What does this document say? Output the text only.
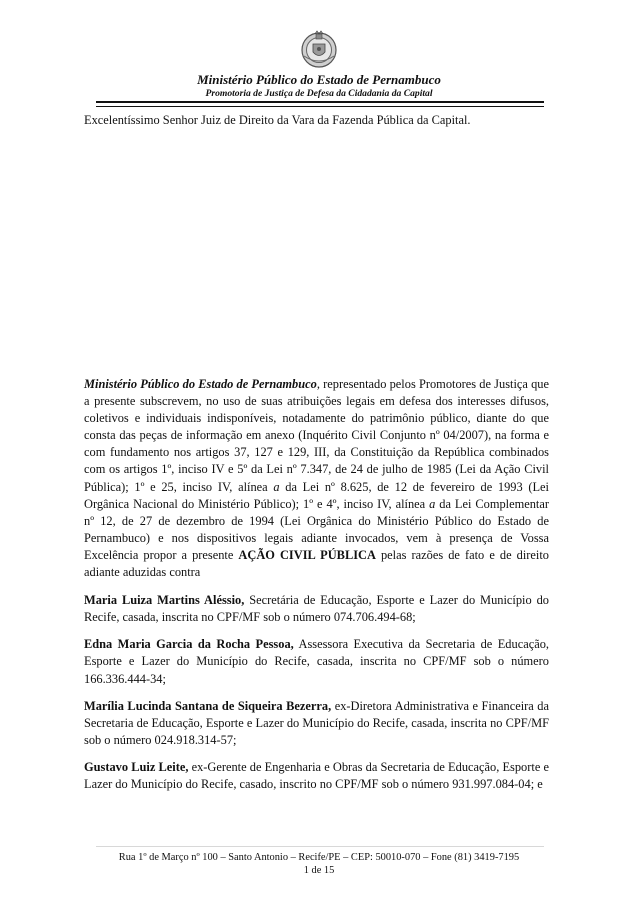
Ministério Público do Estado de Pernambuco
Promotoria de Justiça de Defesa da Cidadania da Capital
Excelentíssimo Senhor Juiz de Direito da Vara da Fazenda Pública da Capital.

Ministério Público do Estado de Pernambuco, representado pelos Promotores de Justiça que a presente subscrevem, no uso de suas atribuições legais em defesa dos interesses difusos, coletivos e individuais indisponíveis, notadamente do patrimônio público, diante do que consta das peças de informação em anexo (Inquérito Civil Conjunto nº 04/2007), na forma e com fundamento nos artigos 37, 127 e 129, III, da Constituição da República combinados com os artigos 1º, inciso IV e 5º da Lei nº 7.347, de 24 de julho de 1985 (Lei da Ação Civil Pública); 1º e 25, inciso IV, alínea a da Lei nº 8.625, de 12 de fevereiro de 1993 (Lei Orgânica Nacional do Ministério Público); 1º e 4º, inciso IV, alínea a da Lei Complementar nº 12, de 27 de dezembro de 1994 (Lei Orgânica do Ministério Público do Estado de Pernambuco) e nos dispositivos legais adiante invocados, vem à presença de Vossa Excelência propor a presente AÇÃO CIVIL PÚBLICA pelas razões de fato e de direito adiante aduzidas contra

Maria Luiza Martins Aléssio, Secretária de Educação, Esporte e Lazer do Município do Recife, casada, inscrita no CPF/MF sob o número 074.706.494-68;

Edna Maria Garcia da Rocha Pessoa, Assessora Executiva da Secretaria de Educação, Esporte e Lazer do Município do Recife, casada, inscrita no CPF/MF sob o número 166.336.444-34;

Marília Lucinda Santana de Siqueira Bezerra, ex-Diretora Administrativa e Financeira da Secretaria de Educação, Esporte e Lazer do Município do Recife, casada, inscrita no CPF/MF sob o número 024.918.314-57;

Gustavo Luiz Leite, ex-Gerente de Engenharia e Obras da Secretaria de Educação, Esporte e Lazer do Município do Recife, casado, inscrito no CPF/MF sob o número 931.997.084-04; e

Rua 1º de Março nº 100 – Santo Antonio – Recife/PE – CEP: 50010-070 – Fone (81) 3419-7195
1 de 15
